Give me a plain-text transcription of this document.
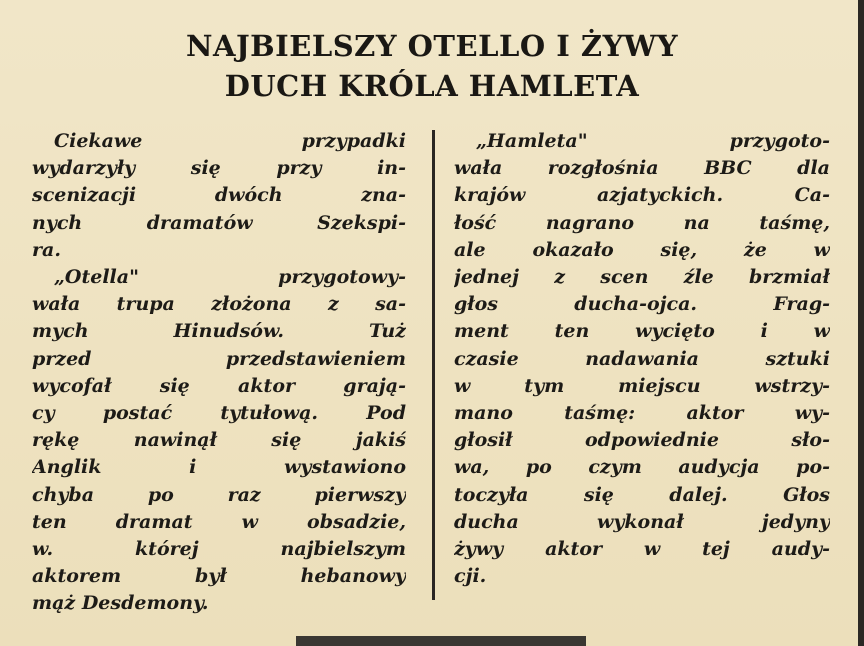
NAJBIELSZY OTELLO I ŻYWY
DUCH KRÓLA HAMLETA
Ciekawe przypadki
wydarzyły się przy in-
scenizacji dwóch zna-
nych dramatów Szekspi-
ra.
„Otella" przygotowy-
wała trupa złożona z sa-
mych Hinudsów. Tuż
przed przedstawieniem
wycofał się aktor grają-
cy postać tytułową. Pod
rękę nawinął się jakiś
Anglik i wystawiono
chyba po raz pierwszy
ten dramat w obsadzie,
w. której najbielszym
aktorem był hebanowy
mąż Desdemony.
„Hamleta" przygoto-
wała rozgłośnia BBC dla
krajów azjatyckich. Ca-
łość nagrano na taśmę,
ale okazało się, że w
jednej z scen źle brzmiał
głos ducha-ojca. Frag-
ment ten wycięto i w
czasie nadawania sztuki
w tym miejscu wstrzy-
mano taśmę: aktor wy-
głosił odpowiednie sło-
wa, po czym audycja po-
toczyła się dalej. Głos
ducha wykonał jedyny
żywy aktor w tej audy-
cji.
